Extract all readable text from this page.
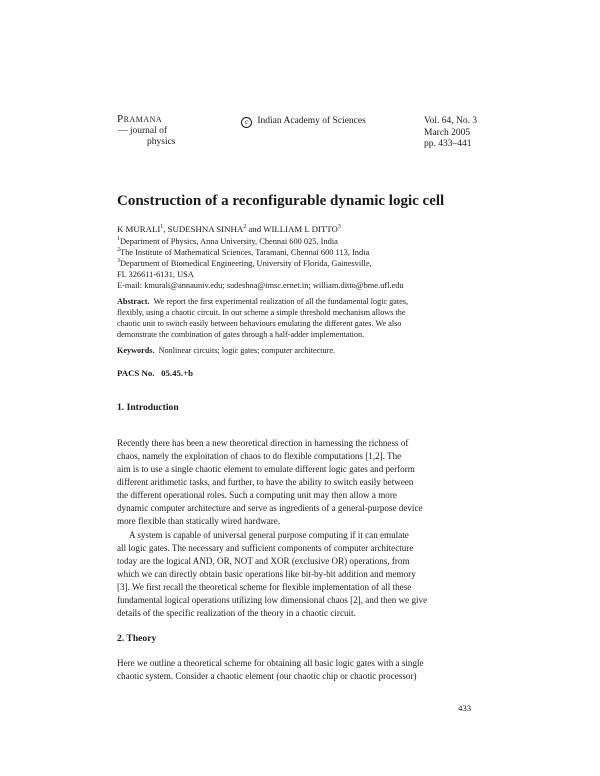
Pramana
— journal of
physics
c Indian Academy of Sciences	Vol. 64, No. 3
March 2005
pp. 433–441
Construction of a reconfigurable dynamic logic cell
K MURALI$^1$, SUDESHNA SINHA$^2$ and WILLIAM L DITTO$^3$
$^1$Department of Physics, Anna University, Chennai 600 025, India
$^2$The Institute of Mathematical Sciences, Taramani, Chennai 600 113, India
$^3$Department of Biomedical Engineering, University of Florida, Gainesville,
FL 326611-6131, USA
E-mail: kmurali@annauniv.edu; sudeshna@imsc.ernet.in; william.ditto@bme.ufl.edu
Abstract. We report the first experimental realization of all the fundamental logic gates,
flexibly, using a chaotic circuit. In our scheme a simple threshold mechanism allows the
chaotic unit to switch easily between behaviours emulating the different gates. We also
demonstrate the combination of gates through a half-adder implementation.
Keywords. Nonlinear circuits; logic gates; computer architecture.
PACS No. 05.45.+b
1. Introduction
Recently there has been a new theoretical direction in harnessing the richness of
chaos, namely the exploitation of chaos to do flexible computations [1,2]. The
aim is to use a single chaotic element to emulate different logic gates and perform
different arithmetic tasks, and further, to have the ability to switch easily between
the different operational roles. Such a computing unit may then allow a more
dynamic computer architecture and serve as ingredients of a general-purpose device
more flexible than statically wired hardware.
A system is capable of universal general purpose computing if it can emulate
all logic gates. The necessary and sufficient components of computer architecture
today are the logical AND, OR, NOT and XOR (exclusive OR) operations, from
which we can directly obtain basic operations like bit-by-bit addition and memory
[3]. We first recall the theoretical scheme for flexible implementation of all these
fundamental logical operations utilizing low dimensional chaos [2], and then we give
details of the specific realization of the theory in a chaotic circuit.
2. Theory
Here we outline a theoretical scheme for obtaining all basic logic gates with a single
chaotic system. Consider a chaotic element (our chaotic chip or chaotic processor)
433
